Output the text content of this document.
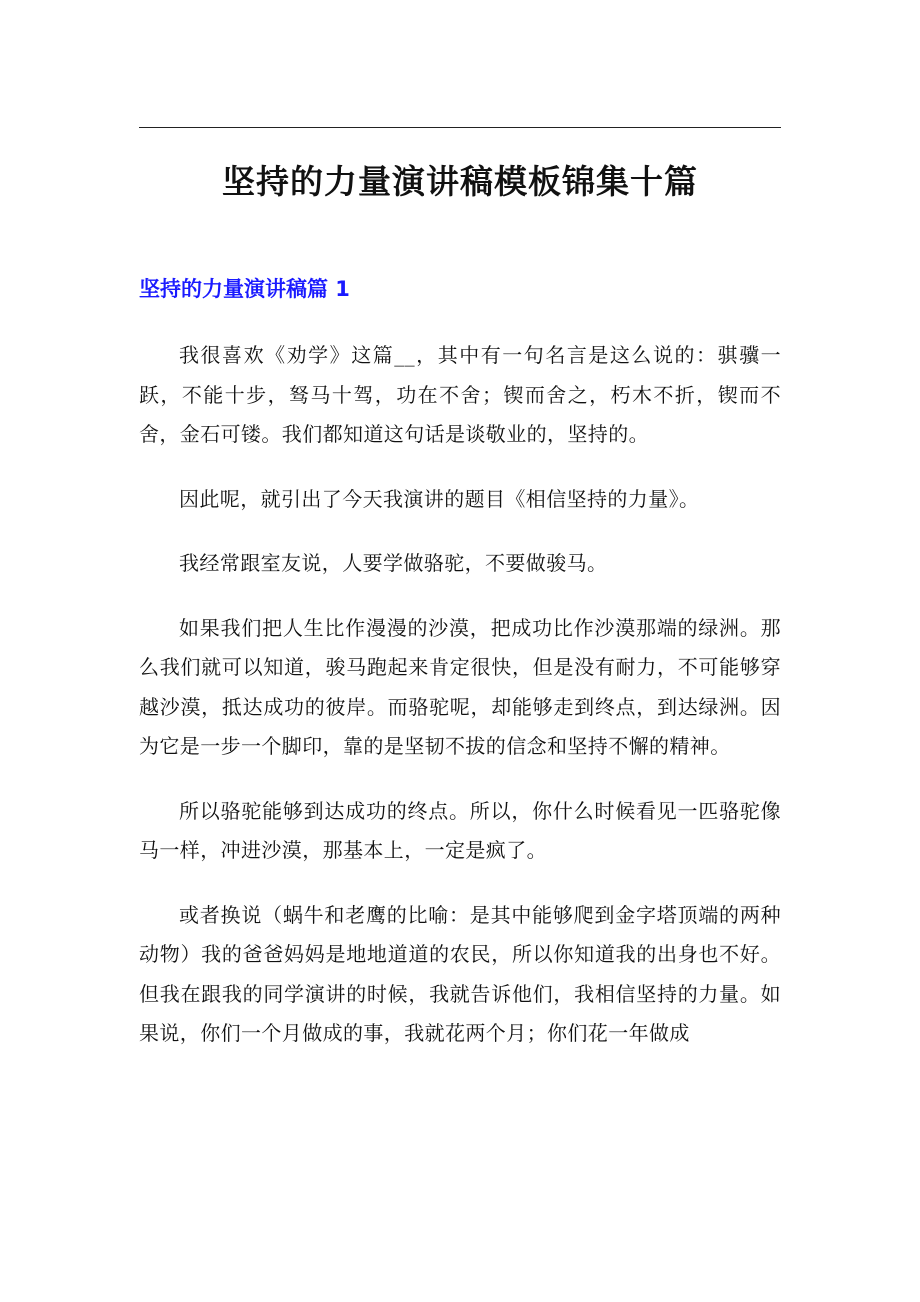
坚持的力量演讲稿模板锦集十篇
坚持的力量演讲稿篇 1

我很喜欢《劝学》这篇__，其中有一句名言是这么说的：骐骥一跃，不能十步，驽马十驾，功在不舍；锲而舍之，朽木不折，锲而不舍，金石可镂。我们都知道这句话是谈敬业的，坚持的。

因此呢，就引出了今天我演讲的题目《相信坚持的力量》。

我经常跟室友说，人要学做骆驼，不要做骏马。

如果我们把人生比作漫漫的沙漠，把成功比作沙漠那端的绿洲。那么我们就可以知道，骏马跑起来肯定很快，但是没有耐力，不可能够穿越沙漠，抵达成功的彼岸。而骆驼呢，却能够走到终点，到达绿洲。因为它是一步一个脚印，靠的是坚韧不拔的信念和坚持不懈的精神。

所以骆驼能够到达成功的终点。所以，你什么时候看见一匹骆驼像马一样，冲进沙漠，那基本上，一定是疯了。

或者换说（蜗牛和老鹰的比喻：是其中能够爬到金字塔顶端的两种动物）我的爸爸妈妈是地地道道的农民，所以你知道我的出身也不好。但我在跟我的同学演讲的时候，我就告诉他们，我相信坚持的力量。如果说，你们一个月做成的事，我就花两个月；你们花一年做成
